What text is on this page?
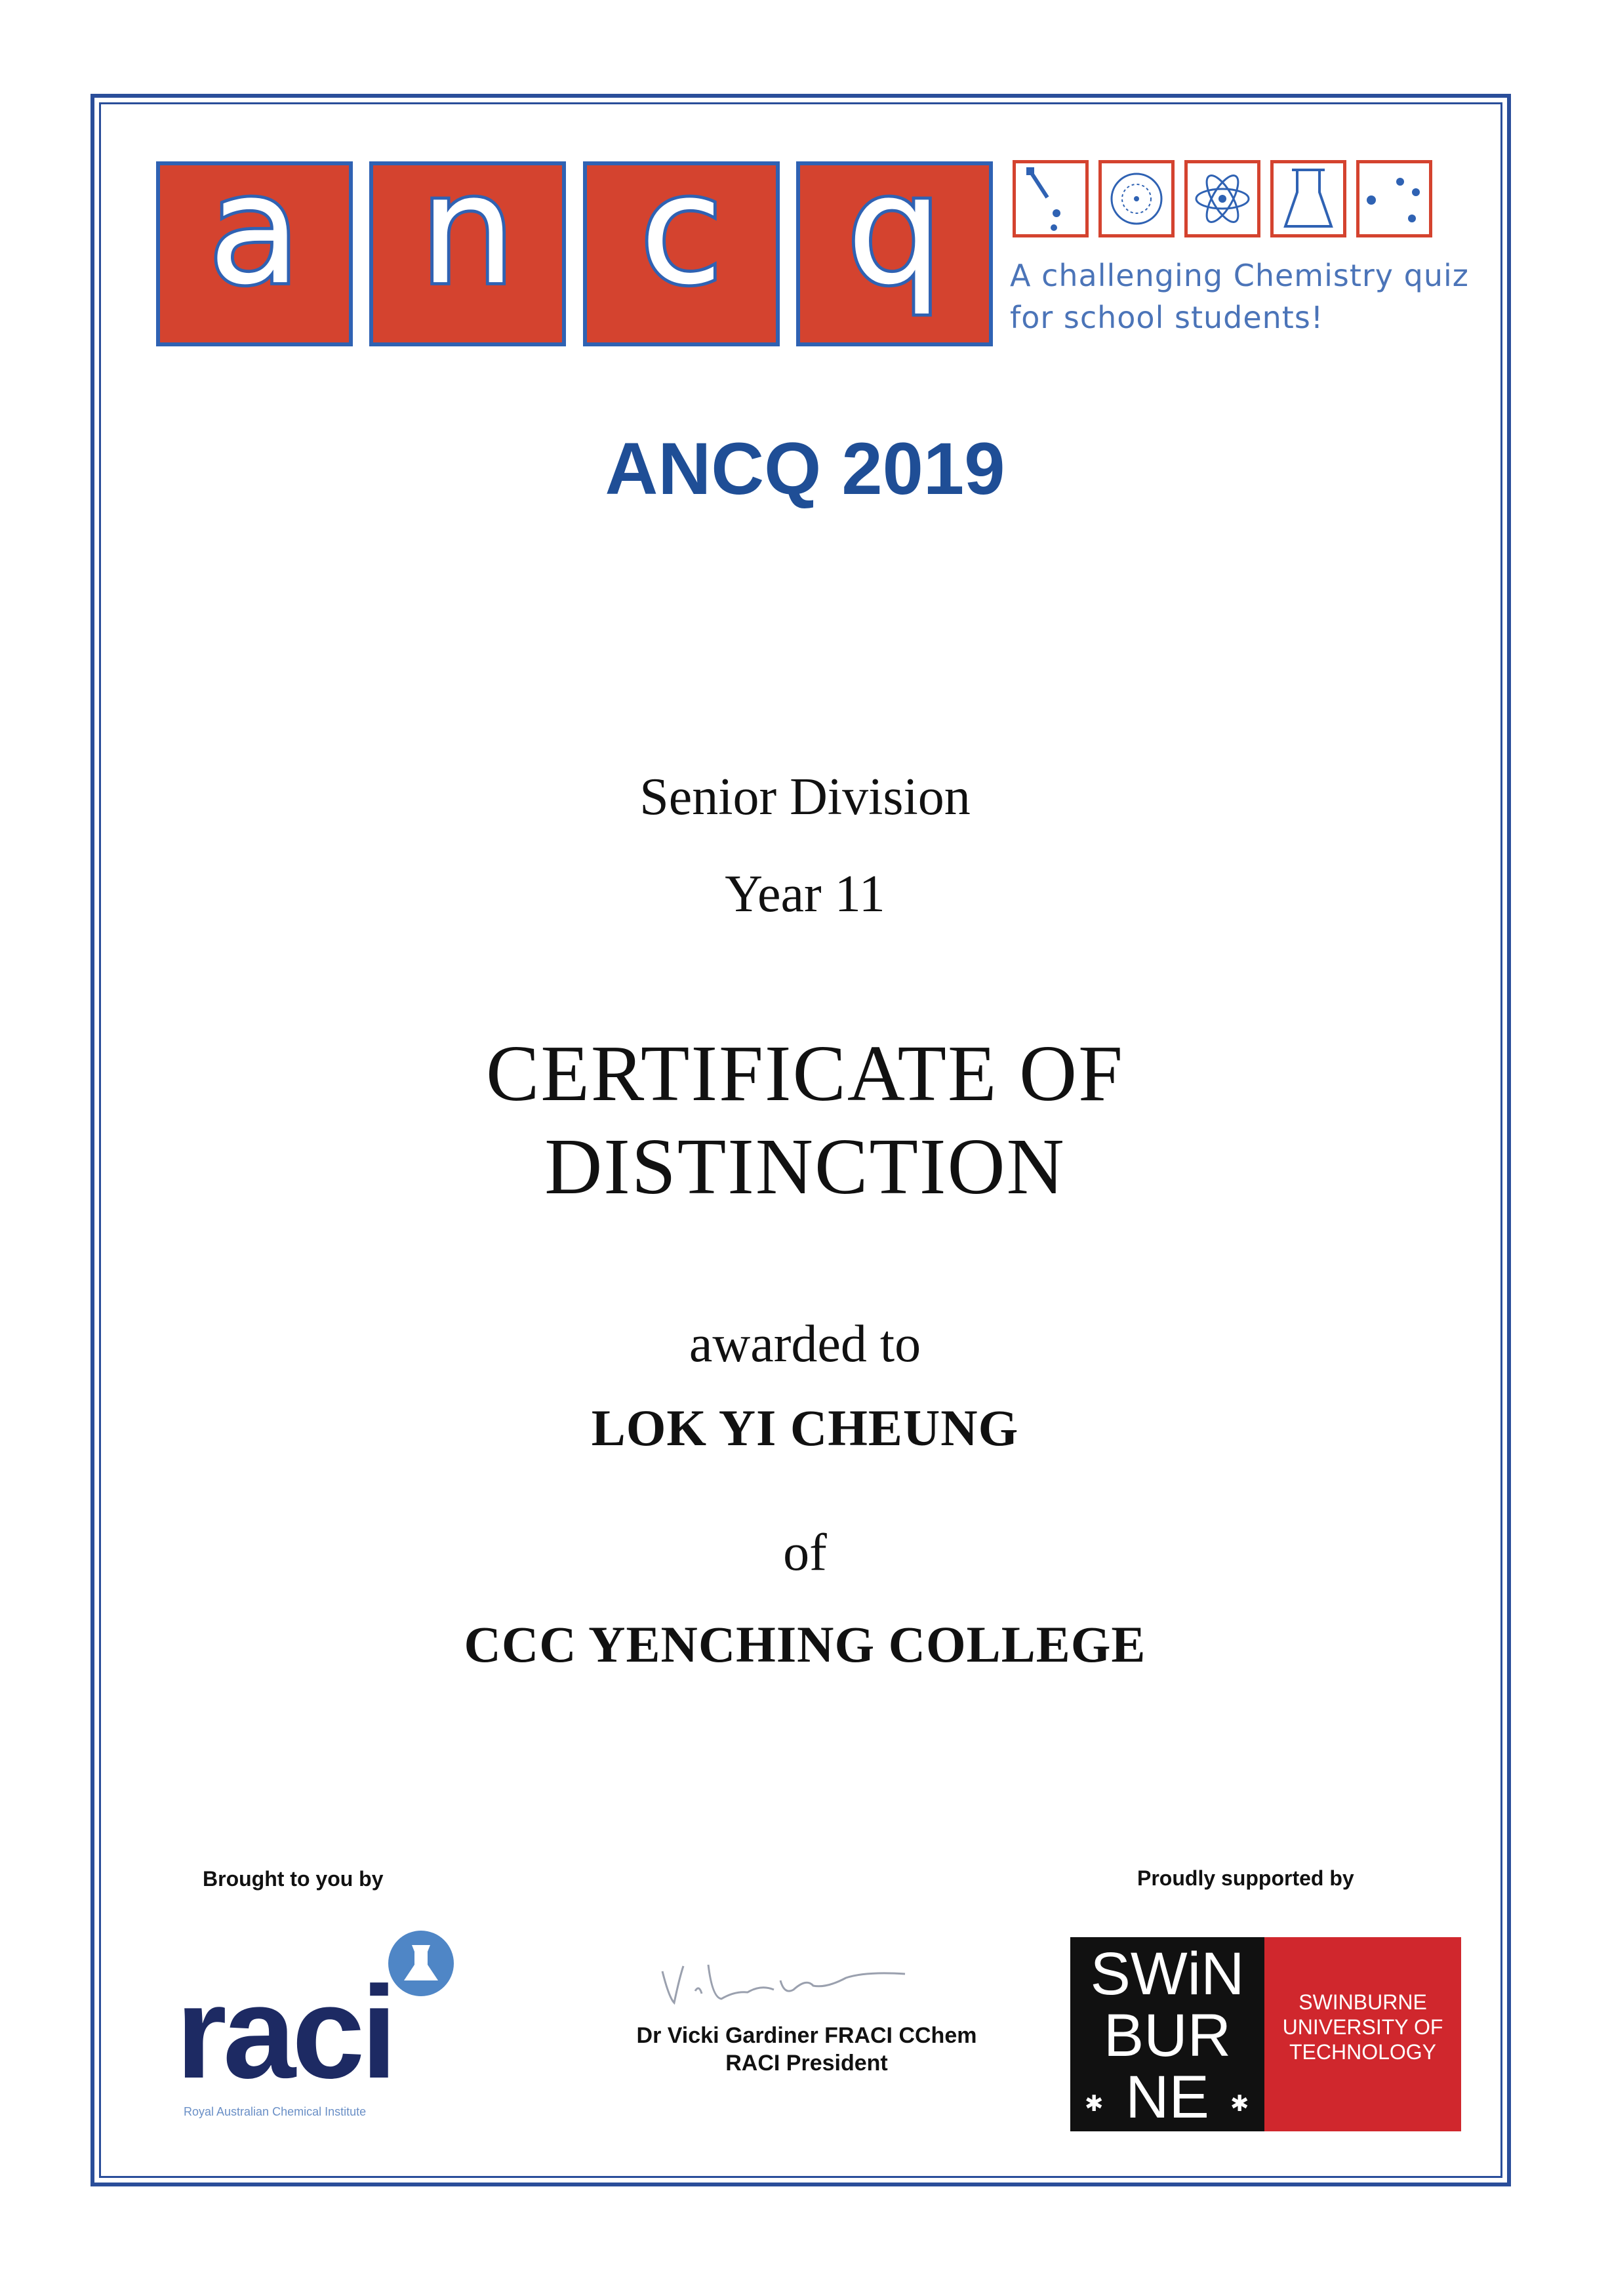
a n c q A challenging Chemistry quiz
for school students!
ANCQ 2019
Senior Division
Year 11
CERTIFICATE OF
DISTINCTION
awarded to
LOK YI CHEUNG
of
CCC YENCHING COLLEGE
Brought to you by	Proudly supported by
raci
Royal Australian Chemical Institute
Dr Vicki Gardiner FRACI CChem
RACI President
SWiN
BUR
NE
✱	✱
SWINBURNE
UNIVERSITY OF
TECHNOLOGY
